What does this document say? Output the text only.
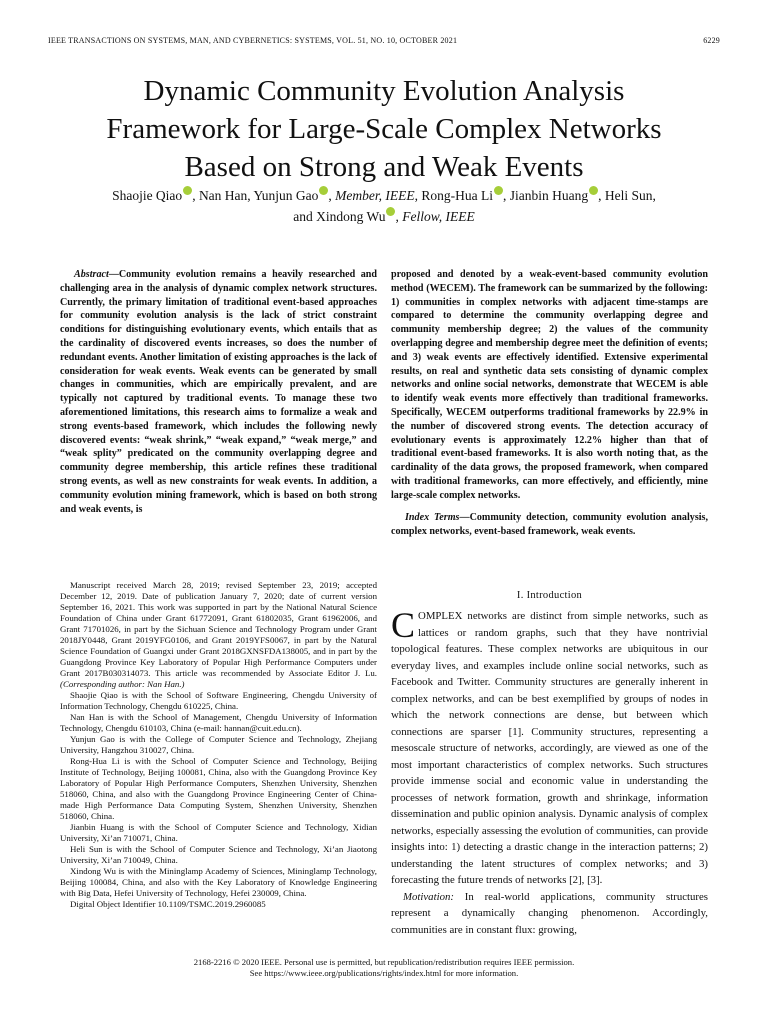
IEEE TRANSACTIONS ON SYSTEMS, MAN, AND CYBERNETICS: SYSTEMS, VOL. 51, NO. 10, OCTOBER 2021	6229
Dynamic Community Evolution Analysis
Framework for Large-Scale Complex Networks
Based on Strong and Weak Events
Shaojie Qiao , Nan Han, Yunjun Gao , Member, IEEE, Rong-Hua Li , Jianbin Huang , Heli Sun,
and Xindong Wu , Fellow, IEEE

Abstract—Community evolution remains a heavily researched and challenging area in the analysis of dynamic complex network structures. Currently, the primary limitation of traditional event-based approaches for community evolution analysis is the lack of strict constraint conditions for distinguishing evolutionary events, which entails that as the cardinality of discovered events increases, so does the number of redundant events. Another limitation of existing approaches is the lack of consideration for weak events. Weak events can be generated by small changes in communities, which are empirically prevalent, and are typically not captured by traditional events. To manage these two aforementioned limitations, this research aims to formalize a weak and strong events-based framework, which includes the following newly discovered events: “weak shrink,” “weak expand,” “weak merge,” and “weak splity” predicated on the community overlapping degree and community degree membership, this article refines these traditional strong events, as well as new constraints for weak events. In addition, a community evolution mining framework, which is based on both strong and weak events, is

proposed and denoted by a weak-event-based community evolution method (WECEM). The framework can be summarized by the following: 1) communities in complex networks with adjacent time-stamps are compared to determine the community overlapping degree and community membership degree; 2) the values of the community overlapping degree and membership degree meet the definition of events; and 3) weak events are effectively identified. Extensive experimental results, on real and synthetic data sets consisting of dynamic complex networks and online social networks, demonstrate that WECEM is able to identify weak events more effectively than traditional frameworks. Specifically, WECEM outperforms traditional frameworks by 22.9% in the number of discovered strong events. The detection accuracy of evolutionary events is approximately 12.2% higher than that of traditional event-based frameworks. It is also worth noting that, as the cardinality of the data grows, the proposed framework, when compared with traditional frameworks, can more effectively, and efficiently, mine large-scale complex networks.

Index Terms—Community detection, community evolution analysis, complex networks, event-based framework, weak events.

Manuscript received March 28, 2019; revised September 23, 2019; accepted December 12, 2019. Date of publication January 7, 2020; date of current version September 16, 2021. This work was supported in part by the National Natural Science Foundation of China under Grant 61772091, Grant 61802035, Grant 61962006, and Grant 71701026, in part by the Sichuan Science and Technology Program under Grant 2018JY0448, Grant 2019YFG0106, and Grant 2019YFS0067, in part by the Natural Science Foundation of Guangxi under Grant 2018GXNSFDA138005, and in part by the Guangdong Province Key Laboratory of Popular High Performance Computers under Grant 2017B030314073. This article was recommended by Associate Editor J. Lu. (Corresponding author: Nan Han.)

Shaojie Qiao is with the School of Software Engineering, Chengdu University of Information Technology, Chengdu 610225, China.

Nan Han is with the School of Management, Chengdu University of Information Technology, Chengdu 610103, China (e-mail: hannan@cuit.edu.cn).

Yunjun Gao is with the College of Computer Science and Technology, Zhejiang University, Hangzhou 310027, China.

Rong-Hua Li is with the School of Computer Science and Technology, Beijing Institute of Technology, Beijing 100081, China, also with the Guangdong Province Key Laboratory of Popular High Performance Computers, Shenzhen University, Shenzhen 518060, China, and also with the Guangdong Province Engineering Center of China-made High Performance Data Computing System, Shenzhen University, Shenzhen 518060, China.

Jianbin Huang is with the School of Computer Science and Technology, Xidian University, Xi’an 710071, China.

Heli Sun is with the School of Computer Science and Technology, Xi’an Jiaotong University, Xi’an 710049, China.

Xindong Wu is with the Mininglamp Academy of Sciences, Mininglamp Technology, Beijing 100084, China, and also with the Key Laboratory of Knowledge Engineering with Big Data, Hefei University of Technology, Hefei 230009, China.

Digital Object Identifier 10.1109/TSMC.2019.2960085

I. Introduction

COMPLEX networks are distinct from simple networks, such as lattices or random graphs, such that they have nontrivial topological features. These complex networks are ubiquitous in our everyday lives, and examples include online social networks, such as Facebook and Twitter. Community structures are generally inherent in complex networks, and can be best exemplified by groups of nodes in which the network connections are dense, but between which connections are sparser [1]. Community structures, representing a mesoscale structure of networks, accordingly, are viewed as one of the most important characteristics of complex networks. Such structures provide immense social and economic value in understanding the processes of network formation, growth and shrinkage, information dissemination and public opinion analysis. Dynamic analysis of complex networks, especially assessing the evolution of communities, can provide insights into: 1) detecting a drastic change in the interaction patterns; 2) understanding the latent structures of complex networks; and 3) forecasting the future trends of networks [2], [3].

Motivation: In real-world applications, community structures represent a dynamically changing phenomenon. Accordingly, communities are in constant flux: growing,

2168-2216 © 2020 IEEE. Personal use is permitted, but republication/redistribution requires IEEE permission.
See https://www.ieee.org/publications/rights/index.html for more information.
